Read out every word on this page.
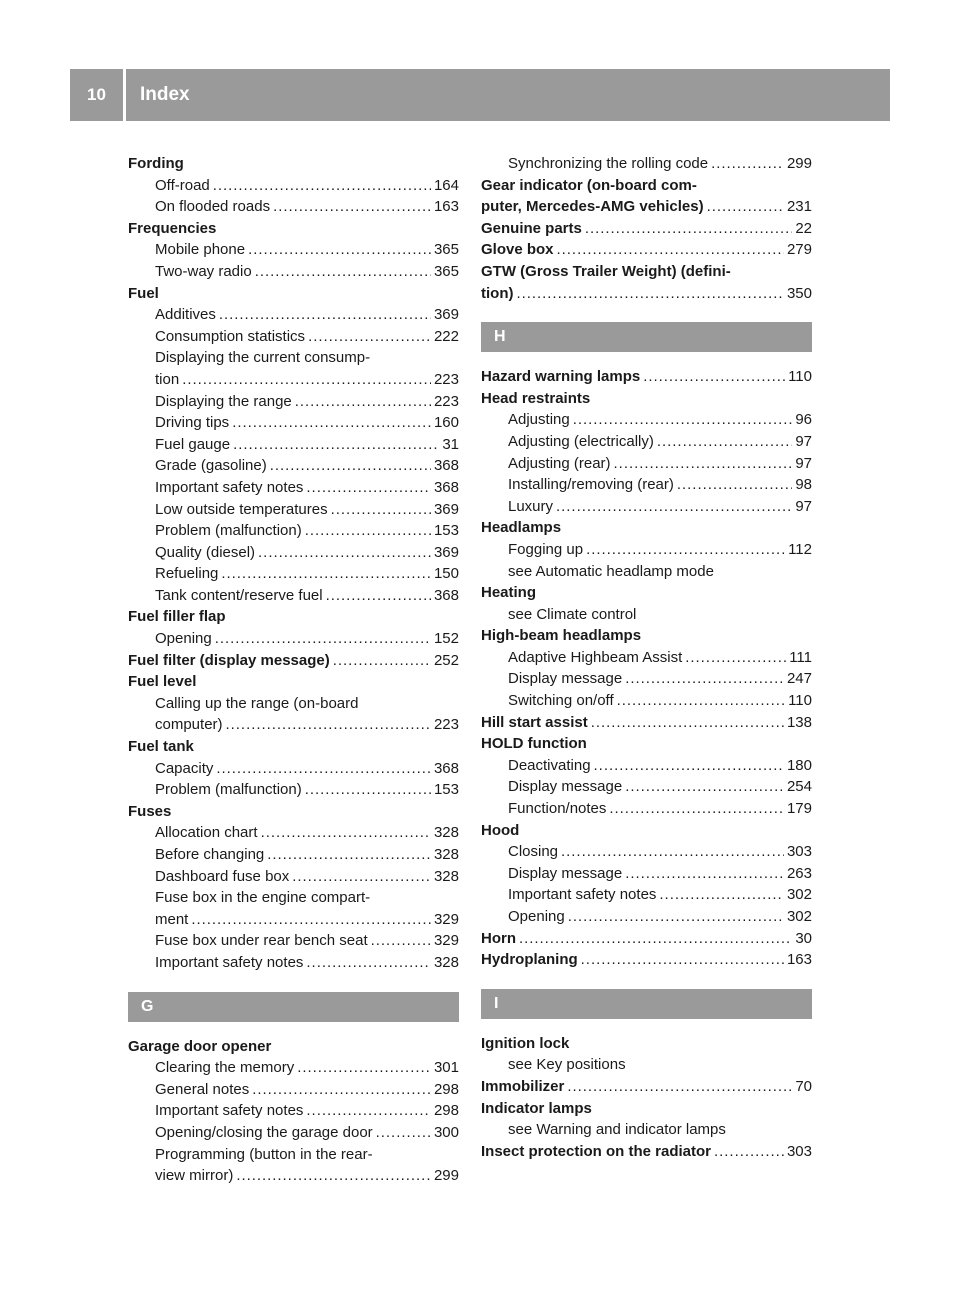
10	Index
Fording
Off-road . . .	164
On flooded roads . . .	163
Frequencies
Mobile phone . . .	365
Two-way radio . . .	365
Fuel
Additives . . .	369
Consumption statistics . . .	222
Displaying the current consump-
tion . . .	223
Displaying the range . . .	223
Driving tips . . .	160
Fuel gauge . . .	31
Grade (gasoline) . . .	368
Important safety notes . . .	368
Low outside temperatures . . .	369
Problem (malfunction) . . .	153
Quality (diesel) . . .	369
Refueling . . .	150
Tank content/reserve fuel . . .	368
Fuel filler flap
Opening . . .	152
Fuel filter (display message) . . .	252
Fuel level
Calling up the range (on-board
computer) . . .	223
Fuel tank
Capacity . . .	368
Problem (malfunction) . . .	153
Fuses
Allocation chart . . .	328
Before changing . . .	328
Dashboard fuse box . . .	328
Fuse box in the engine compart-
ment . . .	329
Fuse box under rear bench seat . . .	329
Important safety notes . . .	328
G
Garage door opener
Clearing the memory . . .	301
General notes . . .	298
Important safety notes . . .	298
Opening/closing the garage door . . .	300
Programming (button in the rear-
view mirror) . . .	299
Synchronizing the rolling code . . .	299
Gear indicator (on-board com-
puter, Mercedes-AMG vehicles) . . .	231
Genuine parts . . .	22
Glove box . . .	279
GTW (Gross Trailer Weight) (defini-
tion) . . .	350
H
Hazard warning lamps . . .	110
Head restraints
Adjusting . . .	96
Adjusting (electrically) . . .	97
Adjusting (rear) . . .	97
Installing/removing (rear) . . .	98
Luxury . . .	97
Headlamps
Fogging up . . .	112
see Automatic headlamp mode
Heating
see Climate control
High-beam headlamps
Adaptive Highbeam Assist . . .	111
Display message . . .	247
Switching on/off . . .	110
Hill start assist . . .	138
HOLD function
Deactivating . . .	180
Display message . . .	254
Function/notes . . .	179
Hood
Closing . . .	303
Display message . . .	263
Important safety notes . . .	302
Opening . . .	302
Horn . . .	30
Hydroplaning . . .	163
I
Ignition lock
see Key positions
Immobilizer . . .	70
Indicator lamps
see Warning and indicator lamps
Insect protection on the radiator . . .	303
